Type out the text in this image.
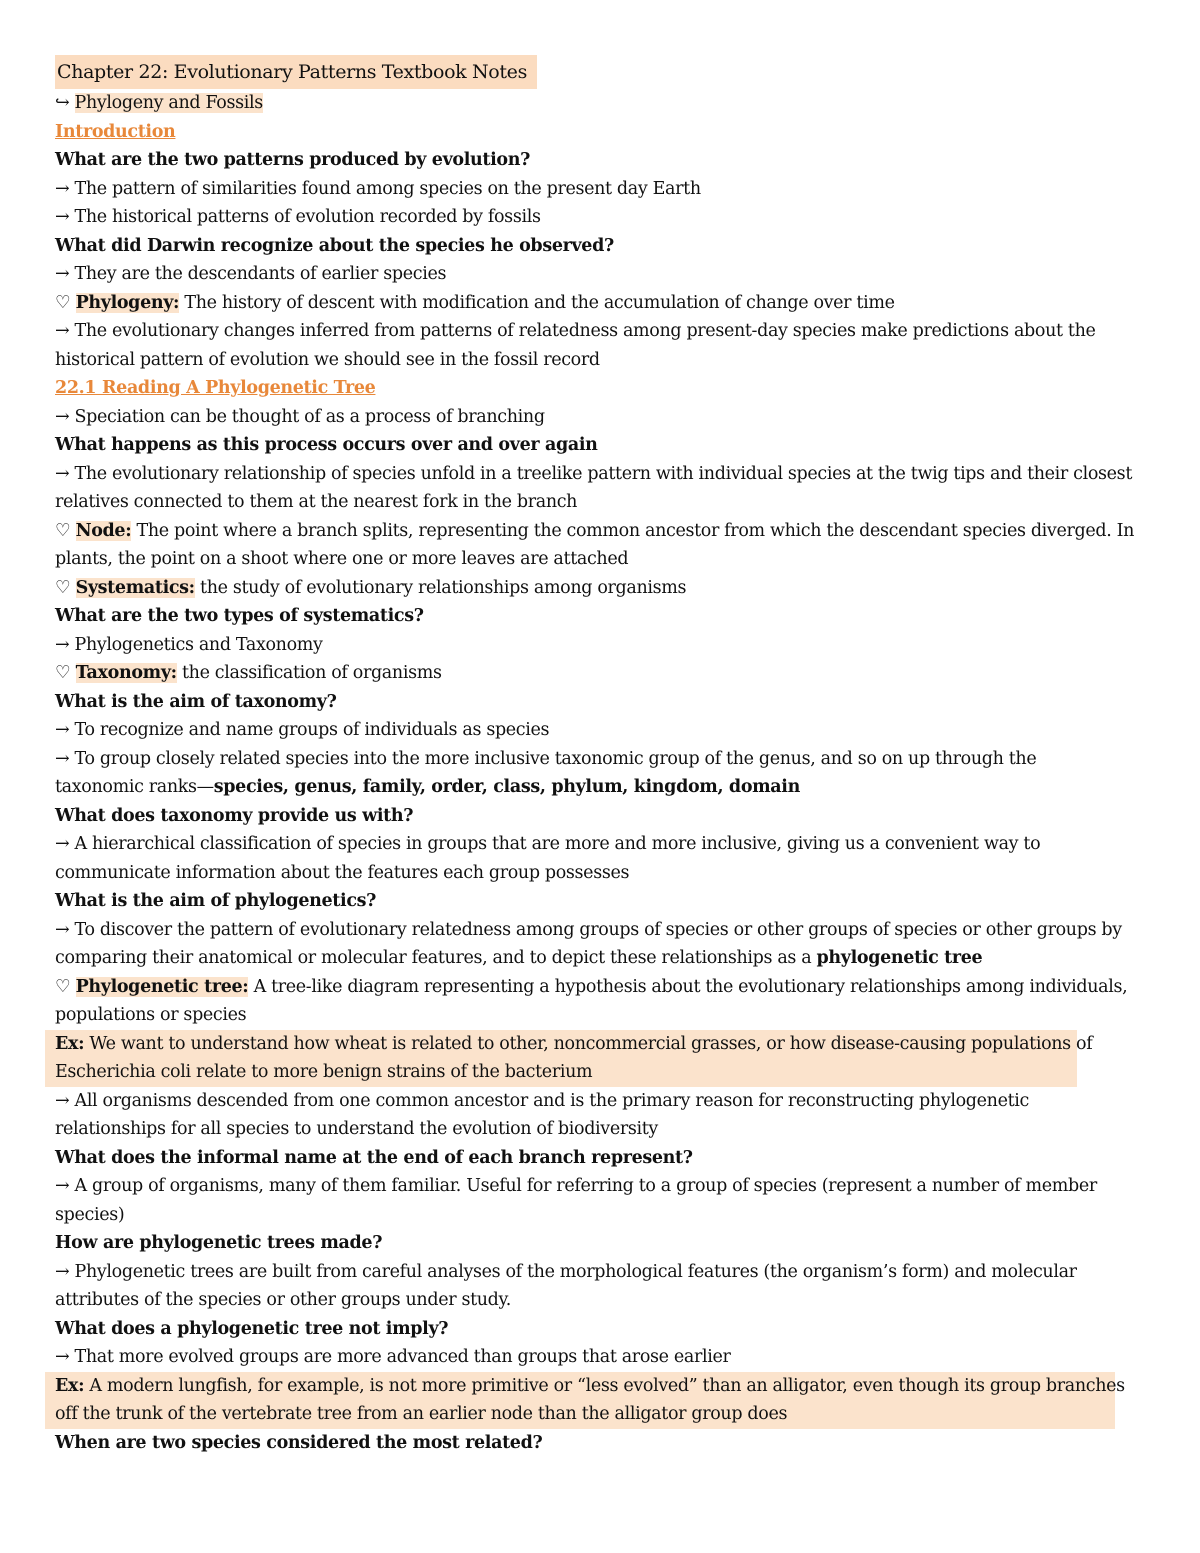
Chapter 22: Evolutionary Patterns Textbook Notes
↪ Phylogeny and Fossils
Introduction
What are the two patterns produced by evolution?
→ The pattern of similarities found among species on the present day Earth
→ The historical patterns of evolution recorded by fossils
What did Darwin recognize about the species he observed?
→ They are the descendants of earlier species
♡ Phylogeny: The history of descent with modification and the accumulation of change over time
→ The evolutionary changes inferred from patterns of relatedness among present-day species make predictions about the
historical pattern of evolution we should see in the fossil record
22.1 Reading A Phylogenetic Tree
→ Speciation can be thought of as a process of branching
What happens as this process occurs over and over again
→ The evolutionary relationship of species unfold in a treelike pattern with individual species at the twig tips and their closest
relatives connected to them at the nearest fork in the branch
♡ Node: The point where a branch splits, representing the common ancestor from which the descendant species diverged. In
plants, the point on a shoot where one or more leaves are attached
♡ Systematics: the study of evolutionary relationships among organisms
What are the two types of systematics?
→ Phylogenetics and Taxonomy
♡ Taxonomy: the classification of organisms
What is the aim of taxonomy?
→ To recognize and name groups of individuals as species
→ To group closely related species into the more inclusive taxonomic group of the genus, and so on up through the
taxonomic ranks—species, genus, family, order, class, phylum, kingdom, domain
What does taxonomy provide us with?
→ A hierarchical classification of species in groups that are more and more inclusive, giving us a convenient way to
communicate information about the features each group possesses
What is the aim of phylogenetics?
→ To discover the pattern of evolutionary relatedness among groups of species or other groups of species or other groups by
comparing their anatomical or molecular features, and to depict these relationships as a phylogenetic tree
♡ Phylogenetic tree: A tree-like diagram representing a hypothesis about the evolutionary relationships among individuals,
populations or species
Ex: We want to understand how wheat is related to other, noncommercial grasses, or how disease-causing populations of
Escherichia coli relate to more benign strains of the bacterium
→ All organisms descended from one common ancestor and is the primary reason for reconstructing phylogenetic
relationships for all species to understand the evolution of biodiversity
What does the informal name at the end of each branch represent?
→ A group of organisms, many of them familiar. Useful for referring to a group of species (represent a number of member
species)
How are phylogenetic trees made?
→ Phylogenetic trees are built from careful analyses of the morphological features (the organism’s form) and molecular
attributes of the species or other groups under study.
What does a phylogenetic tree not imply?
→ That more evolved groups are more advanced than groups that arose earlier
Ex: A modern lungfish, for example, is not more primitive or “less evolved” than an alligator, even though its group branches
off the trunk of the vertebrate tree from an earlier node than the alligator group does
When are two species considered the most related?
